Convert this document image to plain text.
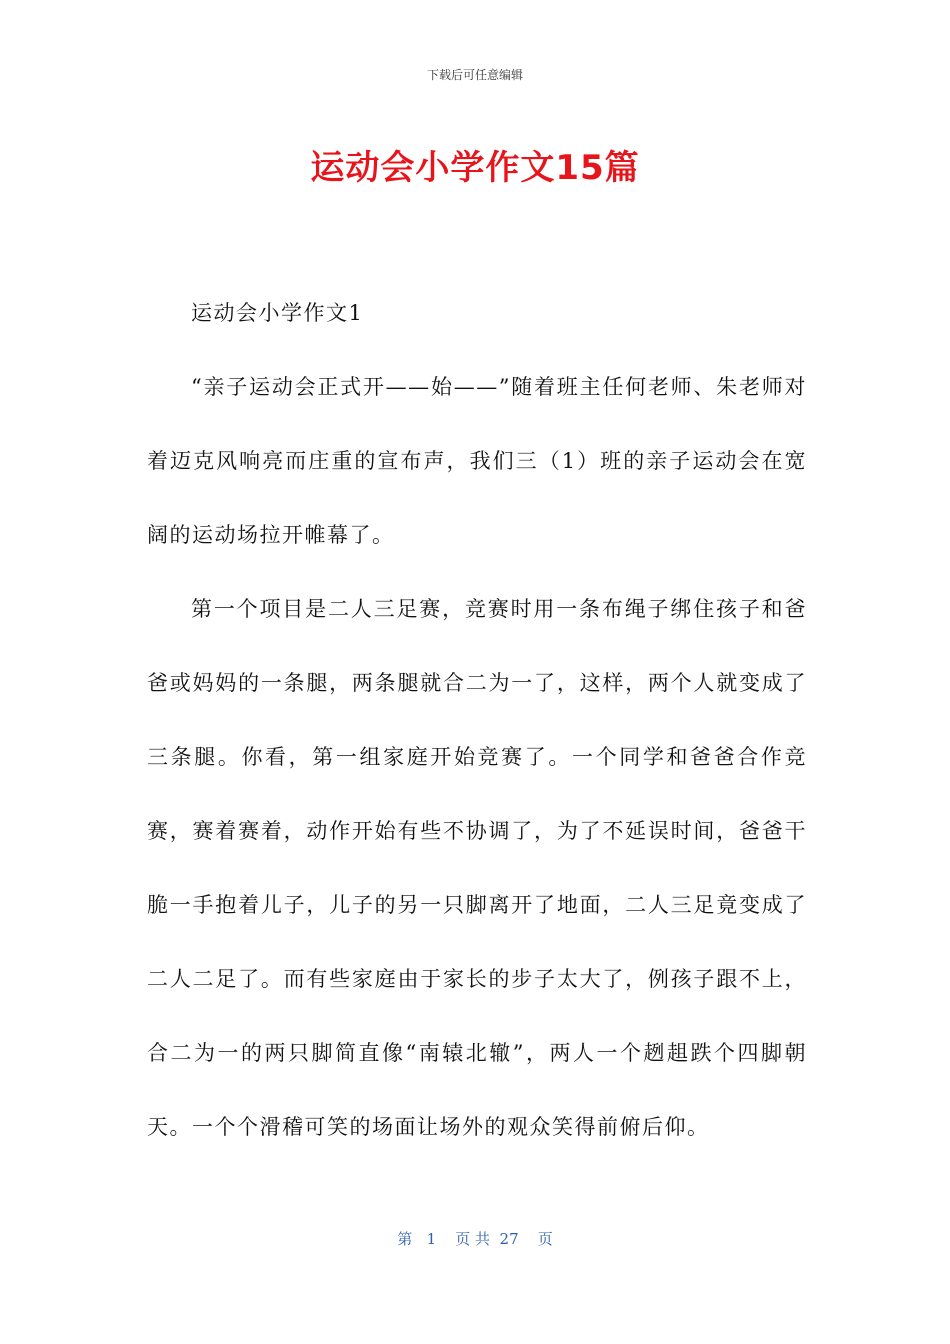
下载后可任意编辑
运动会小学作文15篇

运动会小学作文1

“亲子运动会正式开——始——”随着班主任何老师、朱老师对着迈克风响亮而庄重的宣布声，我们三（1）班的亲子运动会在宽阔的运动场拉开帷幕了。

第一个项目是二人三足赛，竞赛时用一条布绳子绑住孩子和爸爸或妈妈的一条腿，两条腿就合二为一了，这样，两个人就变成了三条腿。你看，第一组家庭开始竞赛了。一个同学和爸爸合作竞赛，赛着赛着，动作开始有些不协调了，为了不延误时间，爸爸干脆一手抱着儿子，儿子的另一只脚离开了地面，二人三足竟变成了二人二足了。而有些家庭由于家长的步子太大了，例孩子跟不上，合二为一的两只脚简直像“南辕北辙”，两人一个趔趄跌个四脚朝天。一个个滑稽可笑的场面让场外的观众笑得前俯后仰。

第 1 页 共 27 页
